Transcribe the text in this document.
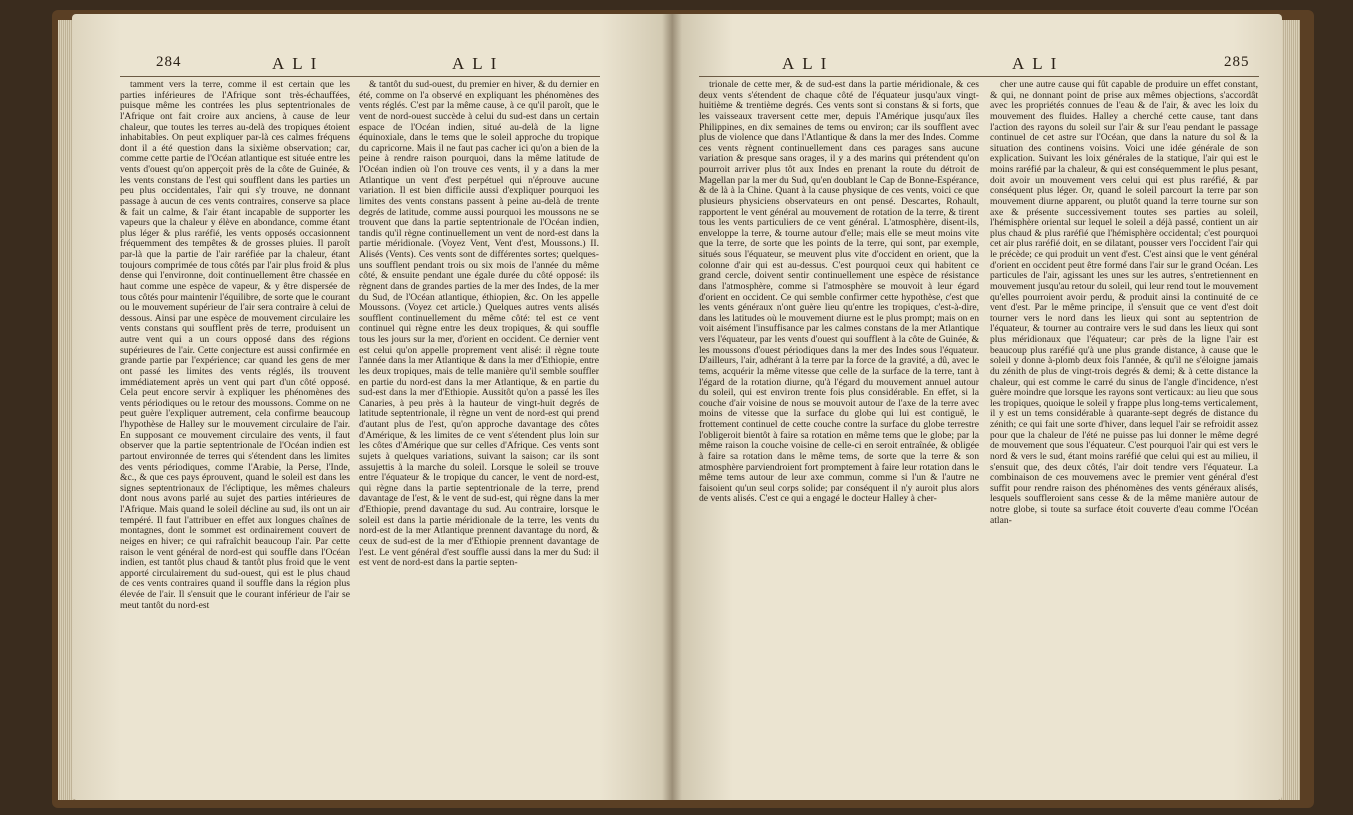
284	ALI	ALI

tamment vers la terre, comme il est certain que les parties inférieures de l'Afrique sont très-échauffées, puisque même les contrées les plus septentrionales de l'Afrique ont fait croire aux anciens, à cause de leur chaleur, que toutes les terres au-delà des tropiques étoient inhabitables. On peut expliquer par-là ces calmes fréquens dont il a été question dans la sixième observation; car, comme cette partie de l'Océan atlantique est située entre les vents d'ouest qu'on apperçoit près de la côte de Guinée, & les vents constans de l'est qui soufflent dans les parties un peu plus occidentales, l'air qui s'y trouve, ne donnant passage à aucun de ces vents contraires, conserve sa place & fait un calme, & l'air étant incapable de supporter les vapeurs que la chaleur y élève en abondance, comme étant plus léger & plus raréfié, les vents opposés occasionnent fréquemment des tempêtes & de grosses pluies. Il paroît par-là que la partie de l'air raréfiée par la chaleur, étant toujours comprimée de tous côtés par l'air plus froid & plus dense qui l'environne, doit continuellement être chassée en haut comme une espèce de vapeur, & y être dispersée de tous côtés pour maintenir l'équilibre, de sorte que le courant ou le mouvement supérieur de l'air sera contraire à celui de dessous. Ainsi par une espèce de mouvement circulaire les vents constans qui soufflent près de terre, produisent un autre vent qui a un cours opposé dans des régions supérieures de l'air. Cette conjecture est aussi confirmée en grande partie par l'expérience; car quand les gens de mer ont passé les limites des vents réglés, ils trouvent immédiatement après un vent qui part d'un côté opposé. Cela peut encore servir à expliquer les phénomènes des vents périodiques ou le retour des moussons. Comme on ne peut guère l'expliquer autrement, cela confirme beaucoup l'hypothèse de Halley sur le mouvement circulaire de l'air. En supposant ce mouvement circulaire des vents, il faut observer que la partie septentrionale de l'Océan indien est partout environnée de terres qui s'étendent dans les limites des vents périodiques, comme l'Arabie, la Perse, l'Inde, &c., & que ces pays éprouvent, quand le soleil est dans les signes septentrionaux de l'écliptique, les mêmes chaleurs dont nous avons parlé au sujet des parties intérieures de l'Afrique. Mais quand le soleil décline au sud, ils ont un air tempéré. Il faut l'attribuer en effet aux longues chaînes de montagnes, dont le sommet est ordinairement couvert de neiges en hiver; ce qui rafraîchit beaucoup l'air. Par cette raison le vent général de nord-est qui souffle dans l'Océan indien, est tantôt plus chaud & tantôt plus froid que le vent apporté circulairement du sud-ouest, qui est le plus chaud de ces vents contraires quand il souffle dans la région plus élevée de l'air. Il s'ensuit que le courant inférieur de l'air se meut tantôt du nord-est

& tantôt du sud-ouest, du premier en hiver, & du dernier en été, comme on l'a observé en expliquant les phénomènes des vents réglés. C'est par la même cause, à ce qu'il paroît, que le vent de nord-ouest succède à celui du sud-est dans un certain espace de l'Océan indien, situé au-delà de la ligne équinoxiale, dans le tems que le soleil approche du tropique du capricorne. Mais il ne faut pas cacher ici qu'on a bien de la peine à rendre raison pourquoi, dans la même latitude de l'Océan indien où l'on trouve ces vents, il y a dans la mer Atlantique un vent d'est perpétuel qui n'éprouve aucune variation. Il est bien difficile aussi d'expliquer pourquoi les limites des vents constans passent à peine au-delà de trente degrés de latitude, comme aussi pourquoi les moussons ne se trouvent que dans la partie septentrionale de l'Océan indien, tandis qu'il règne continuellement un vent de nord-est dans la partie méridionale. (Voyez Vent, Vent d'est, Moussons.) II. Alisés (Vents). Ces vents sont de différentes sortes; quelques-uns soufflent pendant trois ou six mois de l'année du même côté, & ensuite pendant une égale durée du côté opposé: ils règnent dans de grandes parties de la mer des Indes, de la mer du Sud, de l'Océan atlantique, éthiopien, &c. On les appelle Moussons. (Voyez cet article.) Quelques autres vents alisés soufflent continuellement du même côté: tel est ce vent continuel qui règne entre les deux tropiques, & qui souffle tous les jours sur la mer, d'orient en occident. Ce dernier vent est celui qu'on appelle proprement vent alisé: il règne toute l'année dans la mer Atlantique & dans la mer d'Ethiopie, entre les deux tropiques, mais de telle manière qu'il semble souffler en partie du nord-est dans la mer Atlantique, & en partie du sud-est dans la mer d'Ethiopie. Aussitôt qu'on a passé les îles Canaries, à peu près à la hauteur de vingt-huit degrés de latitude septentrionale, il règne un vent de nord-est qui prend d'autant plus de l'est, qu'on approche davantage des côtes d'Amérique, & les limites de ce vent s'étendent plus loin sur les côtes d'Amérique que sur celles d'Afrique. Ces vents sont sujets à quelques variations, suivant la saison; car ils sont assujettis à la marche du soleil. Lorsque le soleil se trouve entre l'équateur & le tropique du cancer, le vent de nord-est, qui règne dans la partie septentrionale de la terre, prend davantage de l'est, & le vent de sud-est, qui règne dans la mer d'Ethiopie, prend davantage du sud. Au contraire, lorsque le soleil est dans la partie méridionale de la terre, les vents du nord-est de la mer Atlantique prennent davantage du nord, & ceux de sud-est de la mer d'Ethiopie prennent davantage de l'est. Le vent général d'est souffle aussi dans la mer du Sud: il est vent de nord-est dans la partie septen-

ALI	ALI	285

trionale de cette mer, & de sud-est dans la partie méridionale, & ces deux vents s'étendent de chaque côté de l'équateur jusqu'aux vingt-huitième & trentième degrés. Ces vents sont si constans & si forts, que les vaisseaux traversent cette mer, depuis l'Amérique jusqu'aux îles Philippines, en dix semaines de tems ou environ; car ils soufflent avec plus de violence que dans l'Atlantique & dans la mer des Indes. Comme ces vents règnent continuellement dans ces parages sans aucune variation & presque sans orages, il y a des marins qui prétendent qu'on pourroit arriver plus tôt aux Indes en prenant la route du détroit de Magellan par la mer du Sud, qu'en doublant le Cap de Bonne-Espérance, & de là à la Chine. Quant à la cause physique de ces vents, voici ce que plusieurs physiciens observateurs en ont pensé. Descartes, Rohault, rapportent le vent général au mouvement de rotation de la terre, & tirent tous les vents particuliers de ce vent général. L'atmosphère, disent-ils, enveloppe la terre, & tourne autour d'elle; mais elle se meut moins vite que la terre, de sorte que les points de la terre, qui sont, par exemple, situés sous l'équateur, se meuvent plus vite d'occident en orient, que la colonne d'air qui est au-dessus. C'est pourquoi ceux qui habitent ce grand cercle, doivent sentir continuellement une espèce de résistance dans l'atmosphère, comme si l'atmosphère se mouvoit à leur égard d'orient en occident. Ce qui semble confirmer cette hypothèse, c'est que les vents généraux n'ont guère lieu qu'entre les tropiques, c'est-à-dire, dans les latitudes où le mouvement diurne est le plus prompt; mais on en voit aisément l'insuffisance par les calmes constans de la mer Atlantique vers l'équateur, par les vents d'ouest qui soufflent à la côte de Guinée, & les moussons d'ouest périodiques dans la mer des Indes sous l'équateur. D'ailleurs, l'air, adhérant à la terre par la force de la gravité, a dû, avec le tems, acquérir la même vitesse que celle de la surface de la terre, tant à l'égard de la rotation diurne, qu'à l'égard du mouvement annuel autour du soleil, qui est environ trente fois plus considérable. En effet, si la couche d'air voisine de nous se mouvoit autour de l'axe de la terre avec moins de vitesse que la surface du globe qui lui est contiguë, le frottement continuel de cette couche contre la surface du globe terrestre l'obligeroit bientôt à faire sa rotation en même tems que le globe; par la même raison la couche voisine de celle-ci en seroit entraînée, & obligée à faire sa rotation dans le même tems, de sorte que la terre & son atmosphère parviendroient fort promptement à faire leur rotation dans le même tems autour de leur axe commun, comme si l'un & l'autre ne faisoient qu'un seul corps solide; par conséquent il n'y auroit plus alors de vents alisés. C'est ce qui a engagé le docteur Halley à cher-

cher une autre cause qui fût capable de produire un effet constant, & qui, ne donnant point de prise aux mêmes objections, s'accordât avec les propriétés connues de l'eau & de l'air, & avec les loix du mouvement des fluides. Halley a cherché cette cause, tant dans l'action des rayons du soleil sur l'air & sur l'eau pendant le passage continuel de cet astre sur l'Océan, que dans la nature du sol & la situation des continens voisins. Voici une idée générale de son explication. Suivant les loix générales de la statique, l'air qui est le moins raréfié par la chaleur, & qui est conséquemment le plus pesant, doit avoir un mouvement vers celui qui est plus raréfié, & par conséquent plus léger. Or, quand le soleil parcourt la terre par son mouvement diurne apparent, ou plutôt quand la terre tourne sur son axe & présente successivement toutes ses parties au soleil, l'hémisphère oriental sur lequel le soleil a déjà passé, contient un air plus chaud & plus raréfié que l'hémisphère occidental; c'est pourquoi cet air plus raréfié doit, en se dilatant, pousser vers l'occident l'air qui le précède; ce qui produit un vent d'est. C'est ainsi que le vent général d'orient en occident peut être formé dans l'air sur le grand Océan. Les particules de l'air, agissant les unes sur les autres, s'entretiennent en mouvement jusqu'au retour du soleil, qui leur rend tout le mouvement qu'elles pourroient avoir perdu, & produit ainsi la continuité de ce vent d'est. Par le même principe, il s'ensuit que ce vent d'est doit tourner vers le nord dans les lieux qui sont au septentrion de l'équateur, & tourner au contraire vers le sud dans les lieux qui sont plus méridionaux que l'équateur; car près de la ligne l'air est beaucoup plus raréfié qu'à une plus grande distance, à cause que le soleil y donne à-plomb deux fois l'année, & qu'il ne s'éloigne jamais du zénith de plus de vingt-trois degrés & demi; & à cette distance la chaleur, qui est comme le carré du sinus de l'angle d'incidence, n'est guère moindre que lorsque les rayons sont verticaux: au lieu que sous les tropiques, quoique le soleil y frappe plus long-tems verticalement, il y est un tems considérable à quarante-sept degrés de distance du zénith; ce qui fait une sorte d'hiver, dans lequel l'air se refroidit assez pour que la chaleur de l'été ne puisse pas lui donner le même degré de mouvement que sous l'équateur. C'est pourquoi l'air qui est vers le nord & vers le sud, étant moins raréfié que celui qui est au milieu, il s'ensuit que, des deux côtés, l'air doit tendre vers l'équateur. La combinaison de ces mouvemens avec le premier vent général d'est suffit pour rendre raison des phénomènes des vents généraux alisés, lesquels souffleroient sans cesse & de la même manière autour de notre globe, si toute sa surface étoit couverte d'eau comme l'Océan atlan-
